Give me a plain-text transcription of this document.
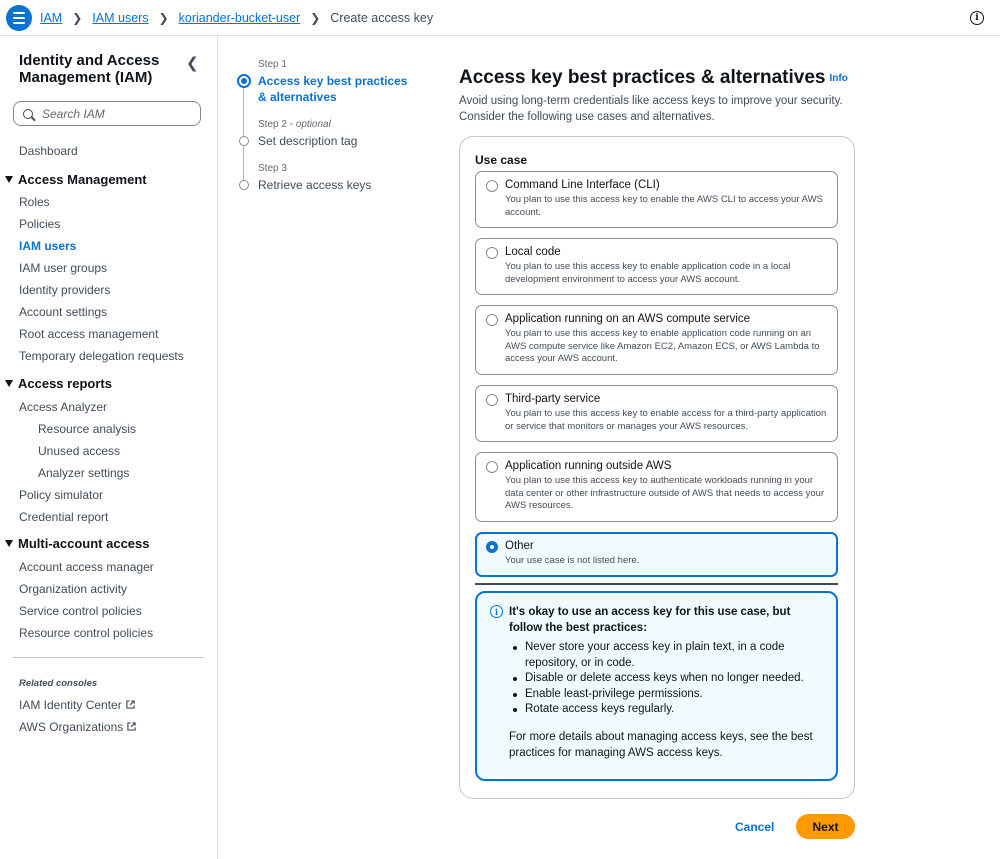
IAM ❯ IAM users ❯ koriander-bucket-user ❯ Create access key	i
Identity and Access Management (IAM)
❮
Search IAM
Dashboard
Access Management
Roles
Policies
IAM users
IAM user groups
Identity providers
Account settings
Root access management
Temporary delegation requests
Access reports
Access Analyzer
Resource analysis
Unused access
Analyzer settings
Policy simulator
Credential report
Multi-account access
Account access manager
Organization activity
Service control policies
Resource control policies
Related consoles
IAM Identity Center
AWS Organizations
Step 1
Access key best practices & alternatives
Step 2 - optional
Set description tag
Step 3
Retrieve access keys
Access key best practices & alternatives Info
Avoid using long-term credentials like access keys to improve your security. Consider the following use cases and alternatives.
Use case
Command Line Interface (CLI)
You plan to use this access key to enable the AWS CLI to access your AWS account.
Local code
You plan to use this access key to enable application code in a local development environment to access your AWS account.
Application running on an AWS compute service
You plan to use this access key to enable application code running on an AWS compute service like Amazon EC2, Amazon ECS, or AWS Lambda to access your AWS account.
Third-party service
You plan to use this access key to enable access for a third-party application or service that monitors or manages your AWS resources.
Application running outside AWS
You plan to use this access key to authenticate workloads running in your data center or other infrastructure outside of AWS that needs to access your AWS resources.
Other
Your use case is not listed here.
i It's okay to use an access key for this use case, but follow the best practices:
Never store your access key in plain text, in a code repository, or in code.
Disable or delete access keys when no longer needed.
Enable least-privilege permissions.
Rotate access keys regularly.
For more details about managing access keys, see the best practices for managing AWS access keys.
Cancel	Next
